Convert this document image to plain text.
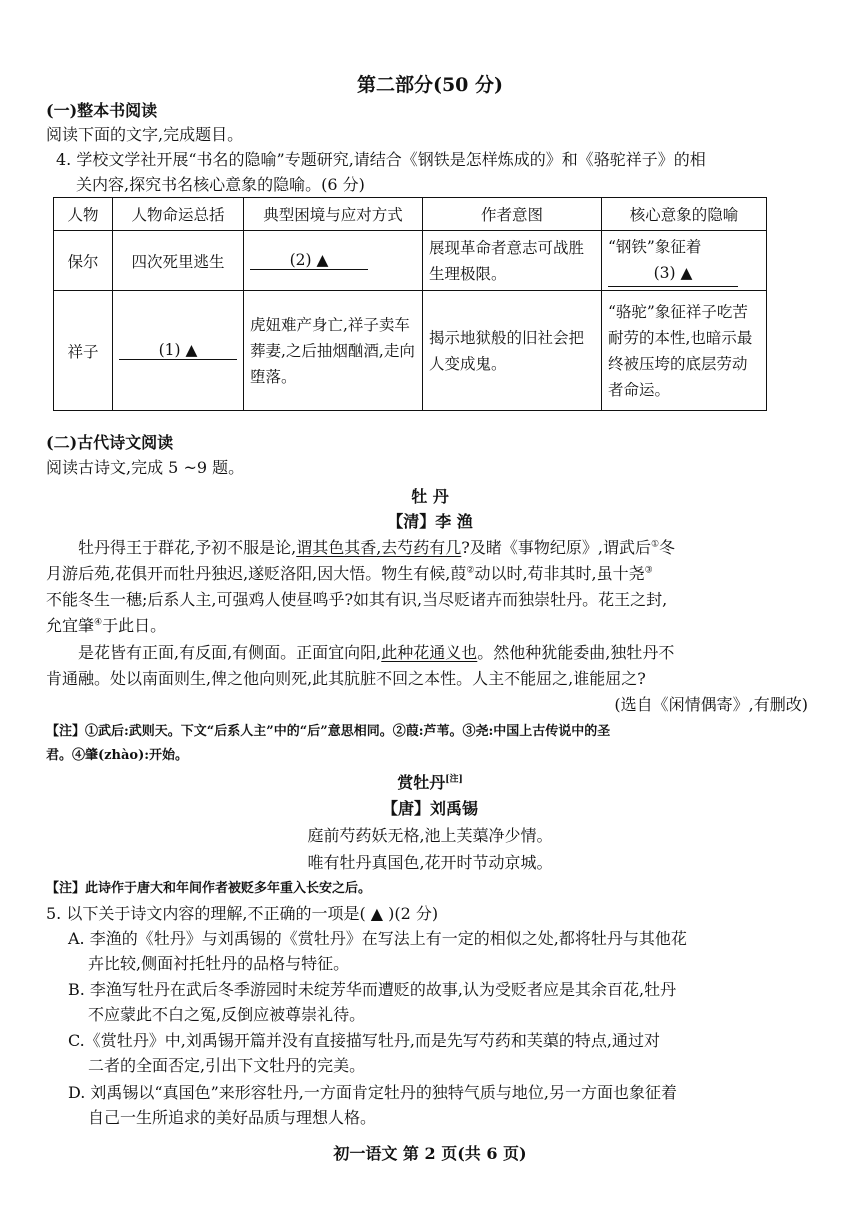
第二部分(50 分)
(一)整本书阅读
阅读下面的文字,完成题目。
4. 学校文学社开展“书名的隐喻”专题研究,请结合《钢铁是怎样炼成的》和《骆驼祥子》的相
关内容,探究书名核心意象的隐喻。(6 分)
人物	人物命运总括	典型困境与应对方式	作者意图	核心意象的隐喻
保尔	四次死里逃生	(2) ▲	展现革命者意志可战胜生理极限。	“钢铁”象征着
(3) ▲

祥子	(1) ▲	虎妞难产身亡,祥子卖车葬妻,之后抽烟酗酒,走向堕落。	揭示地狱般的旧社会把人变成鬼。	“骆驼”象征祥子吃苦耐劳的本性,也暗示最终被压垮的底层劳动者命运。
(二)古代诗文阅读
阅读古诗文,完成 5 ~9 题。
牡 丹
【清】李 渔
牡丹得王于群花,予初不服是论,谓其色其香,去芍药有几?及睹《事物纪原》,谓武后①冬
月游后苑,花俱开而牡丹独迟,遂贬洛阳,因大悟。物生有候,葭②动以时,苟非其时,虽十尧③
不能冬生一穗;后系人主,可强鸡人使昼鸣乎?如其有识,当尽贬诸卉而独崇牡丹。花王之封,
允宜肇④于此日。
是花皆有正面,有反面,有侧面。正面宜向阳,此种花通义也。然他种犹能委曲,独牡丹不
肯通融。处以南面则生,俾之他向则死,此其肮脏不回之本性。人主不能屈之,谁能屈之?
(选自《闲情偶寄》,有删改)
【注】①武后:武则天。下文“后系人主”中的“后”意思相同。②葭:芦苇。③尧:中国上古传说中的圣
君。④肇(zhào):开始。
赏牡丹[注]
【唐】刘禹锡
庭前芍药妖无格,池上芙蕖净少情。
唯有牡丹真国色,花开时节动京城。
【注】此诗作于唐大和年间作者被贬多年重入长安之后。
5. 以下关于诗文内容的理解,不正确的一项是( ▲ )(2 分)
A. 李渔的《牡丹》与刘禹锡的《赏牡丹》在写法上有一定的相似之处,都将牡丹与其他花
卉比较,侧面衬托牡丹的品格与特征。
B. 李渔写牡丹在武后冬季游园时未绽芳华而遭贬的故事,认为受贬者应是其余百花,牡丹
不应蒙此不白之冤,反倒应被尊崇礼待。
C.《赏牡丹》中,刘禹锡开篇并没有直接描写牡丹,而是先写芍药和芙蕖的特点,通过对
二者的全面否定,引出下文牡丹的完美。
D. 刘禹锡以“真国色”来形容牡丹,一方面肯定牡丹的独特气质与地位,另一方面也象征着
自己一生所追求的美好品质与理想人格。
初一语文 第 2 页(共 6 页)
